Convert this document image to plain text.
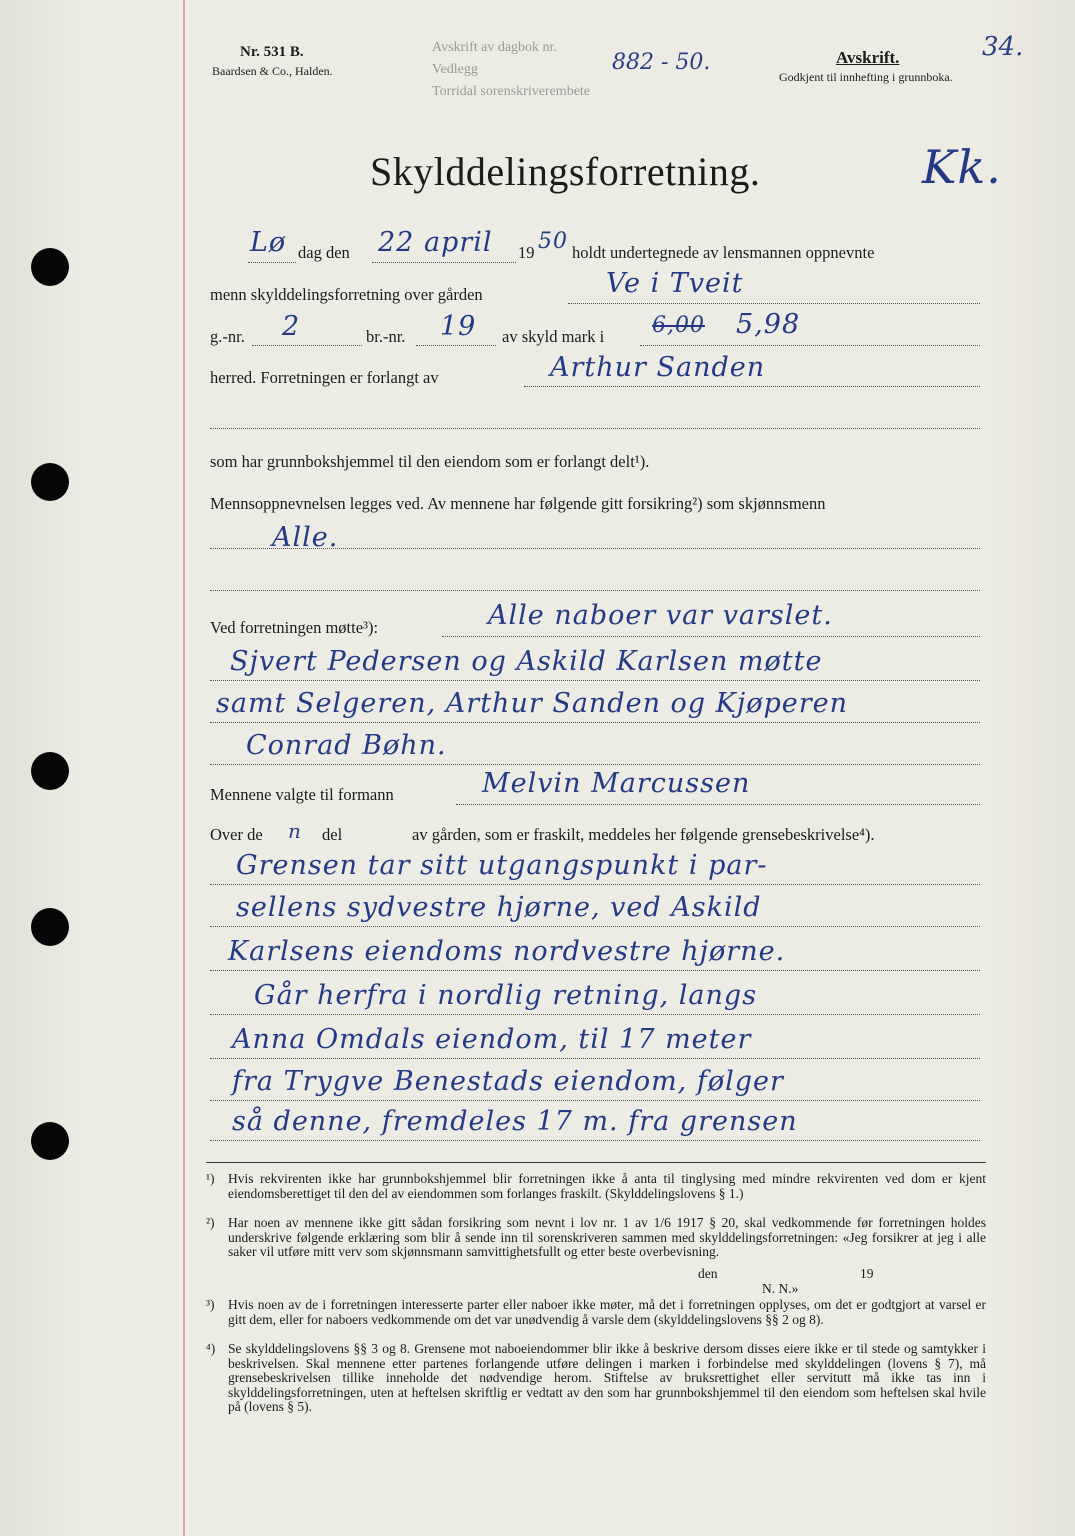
Nr. 531 B.
Baardsen & Co., Halden.
Avskrift av dagbok nr.
Vedlegg
Torridal sorenskriverembete
882 - 50.	Avskrift.
Godkjent til innhefting i grunnboka.
34.
Skylddelingsforretning.	Kk.
Lø dag den 22 april 19 50 holdt undertegnede av lensmannen oppnevnte
menn skylddelingsforretning over gården	Ve i Tveit
g.-nr. 2	br.-nr. 19 av skyld mark i 6,00 5,98
herred. Forretningen er forlangt av	Arthur Sanden
som har grunnbokshjemmel til den eiendom som er forlangt delt¹).
Mennsoppnevnelsen legges ved. Av mennene har følgende gitt forsikring²) som skjønnsmenn
Alle.
Ved forretningen møtte³):	Alle naboer var varslet.
Sjvert Pedersen og Askild Karlsen møtte
samt Selgeren, Arthur Sanden og Kjøperen
Conrad Bøhn.
Mennene valgte til formann	Melvin Marcussen
Over de n del	av gården, som er fraskilt, meddeles her følgende grensebeskrivelse⁴).
Grensen tar sitt utgangspunkt i par-
sellens sydvestre hjørne, ved Askild
Karlsens eiendoms nordvestre hjørne.
Går herfra i nordlig retning, langs
Anna Omdals eiendom, til 17 meter
fra Trygve Benestads eiendom, følger
så denne, fremdeles 17 m. fra grensen
¹) Hvis rekvirenten ikke har grunnbokshjemmel blir forretningen ikke å anta til tinglysing med mindre rekvirenten ved dom er kjent eiendomsberettiget til den del av eiendommen som forlanges fraskilt. (Skylddelingslovens § 1.)
²) Har noen av mennene ikke gitt sådan forsikring som nevnt i lov nr. 1 av 1/6 1917 § 20, skal vedkommende før forretningen holdes underskrive følgende erklæring som blir å sende inn til sorenskriveren sammen med skylddelingsforretningen: «Jeg forsikrer at jeg i alle saker vil utføre mitt verv som skjønnsmann samvittighetsfullt og etter beste overbevisning.
den	19
N. N.»
³) Hvis noen av de i forretningen interesserte parter eller naboer ikke møter, må det i forretningen opplyses, om det er godtgjort at varsel er gitt dem, eller for naboers vedkommende om det var unødvendig å varsle dem (skylddelingslovens §§ 2 og 8).
⁴) Se skylddelingslovens §§ 3 og 8. Grensene mot naboeiendommer blir ikke å beskrive dersom disses eiere ikke er til stede og samtykker i beskrivelsen. Skal mennene etter partenes forlangende utføre delingen i marken i forbindelse med skylddelingen (lovens § 7), må grensebeskrivelsen tillike inneholde det nødvendige herom. Stiftelse av bruksrettighet eller servitutt må ikke tas inn i skylddelingsforretningen, uten at heftelsen skriftlig er vedtatt av den som har grunnbokshjemmel til den eiendom som heftelsen skal hvile på (lovens § 5).
